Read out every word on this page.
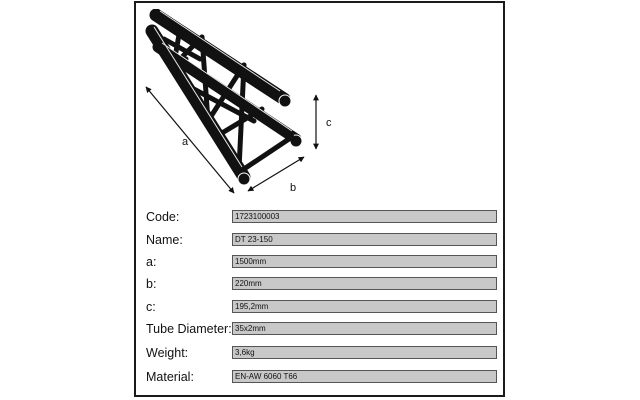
a
b
c
Code:	1723100003
Name:	DT 23-150
a:	1500mm
b:	220mm
c:	195,2mm
Tube Diameter: 35x2mm
Weight:	3,6kg
Material:	EN-AW 6060 T66
